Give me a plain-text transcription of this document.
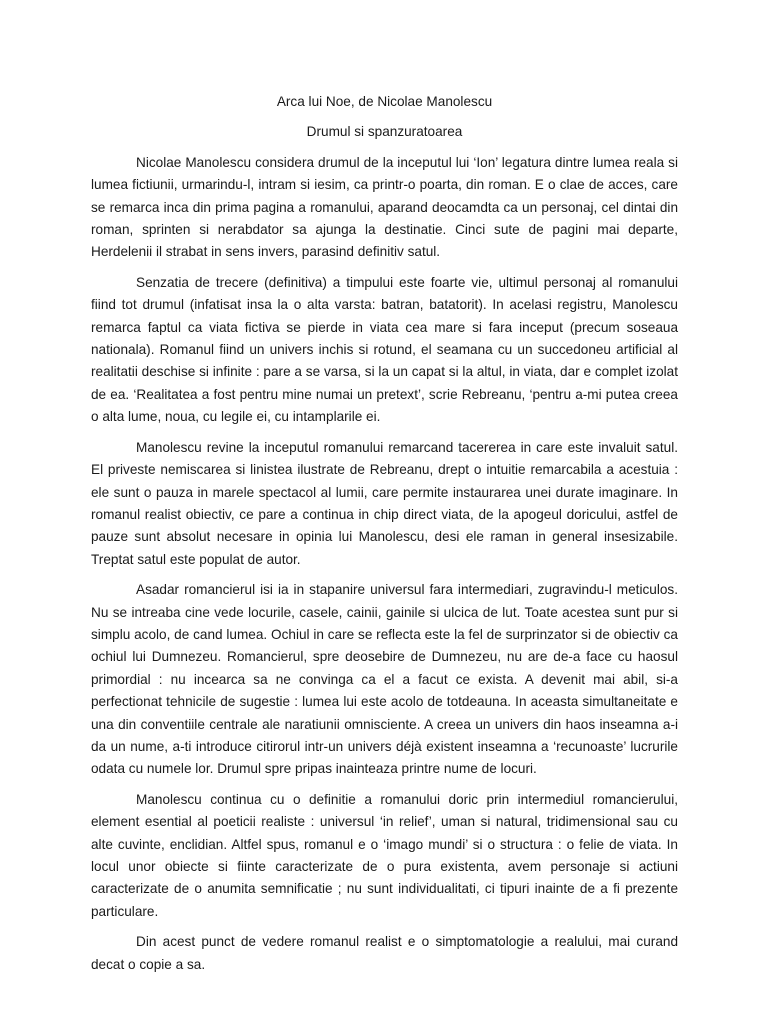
Arca lui Noe, de Nicolae Manolescu

Drumul si spanzuratoarea

Nicolae Manolescu considera drumul de la inceputul lui ‘Ion’ legatura dintre lumea reala si lumea fictiunii, urmarindu-l, intram si iesim, ca printr-o poarta, din roman. E o clae de acces, care se remarca inca din prima pagina a romanului, aparand deocamdta ca un personaj, cel dintai din roman, sprinten si nerabdator sa ajunga la destinatie. Cinci sute de pagini mai departe, Herdelenii il strabat in sens invers, parasind definitiv satul.

Senzatia de trecere (definitiva) a timpului este foarte vie, ultimul personaj al romanului fiind tot drumul (infatisat insa la o alta varsta: batran, batatorit). In acelasi registru, Manolescu remarca faptul ca viata fictiva se pierde in viata cea mare si fara inceput (precum soseaua nationala). Romanul fiind un univers inchis si rotund, el seamana cu un succedoneu artificial al realitatii deschise si infinite : pare a se varsa, si la un capat si la altul, in viata, dar e complet izolat de ea. ‘Realitatea a fost pentru mine numai un pretext’, scrie Rebreanu, ‘pentru a-mi putea creea o alta lume, noua, cu legile ei, cu intamplarile ei.

Manolescu revine la inceputul romanului remarcand tacererea in care este invaluit satul. El priveste nemiscarea si linistea ilustrate de Rebreanu, drept o intuitie remarcabila a acestuia : ele sunt o pauza in marele spectacol al lumii, care permite instaurarea unei durate imaginare. In romanul realist obiectiv, ce pare a continua in chip direct viata, de la apogeul doricului, astfel de pauze sunt absolut necesare in opinia lui Manolescu, desi ele raman in general insesizabile. Treptat satul este populat de autor.

Asadar romancierul isi ia in stapanire universul fara intermediari, zugravindu-l meticulos. Nu se intreaba cine vede locurile, casele, cainii, gainile si ulcica de lut. Toate acestea sunt pur si simplu acolo, de cand lumea. Ochiul in care se reflecta este la fel de surprinzator si de obiectiv ca ochiul lui Dumnezeu. Romancierul, spre deosebire de Dumnezeu, nu are de-a face cu haosul primordial : nu incearca sa ne convinga ca el a facut ce exista. A devenit mai abil, si-a perfectionat tehnicile de sugestie : lumea lui este acolo de totdeauna. In aceasta simultaneitate e una din conventiile centrale ale naratiunii omnisciente. A creea un univers din haos inseamna a-i da un nume, a-ti introduce citirorul intr-un univers déjà existent inseamna a ‘recunoaste’ lucrurile odata cu numele lor. Drumul spre pripas inainteaza printre nume de locuri.

Manolescu continua cu o definitie a romanului doric prin intermediul romancierului, element esential al poeticii realiste : universul ‘in relief’, uman si natural, tridimensional sau cu alte cuvinte, enclidian. Altfel spus, romanul e o ‘imago mundi’ si o structura : o felie de viata. In locul unor obiecte si fiinte caracterizate de o pura existenta, avem personaje si actiuni caracterizate de o anumita semnificatie ; nu sunt individualitati, ci tipuri inainte de a fi prezente particulare.

Din acest punct de vedere romanul realist e o simptomatologie a realului, mai curand decat o copie a sa.
